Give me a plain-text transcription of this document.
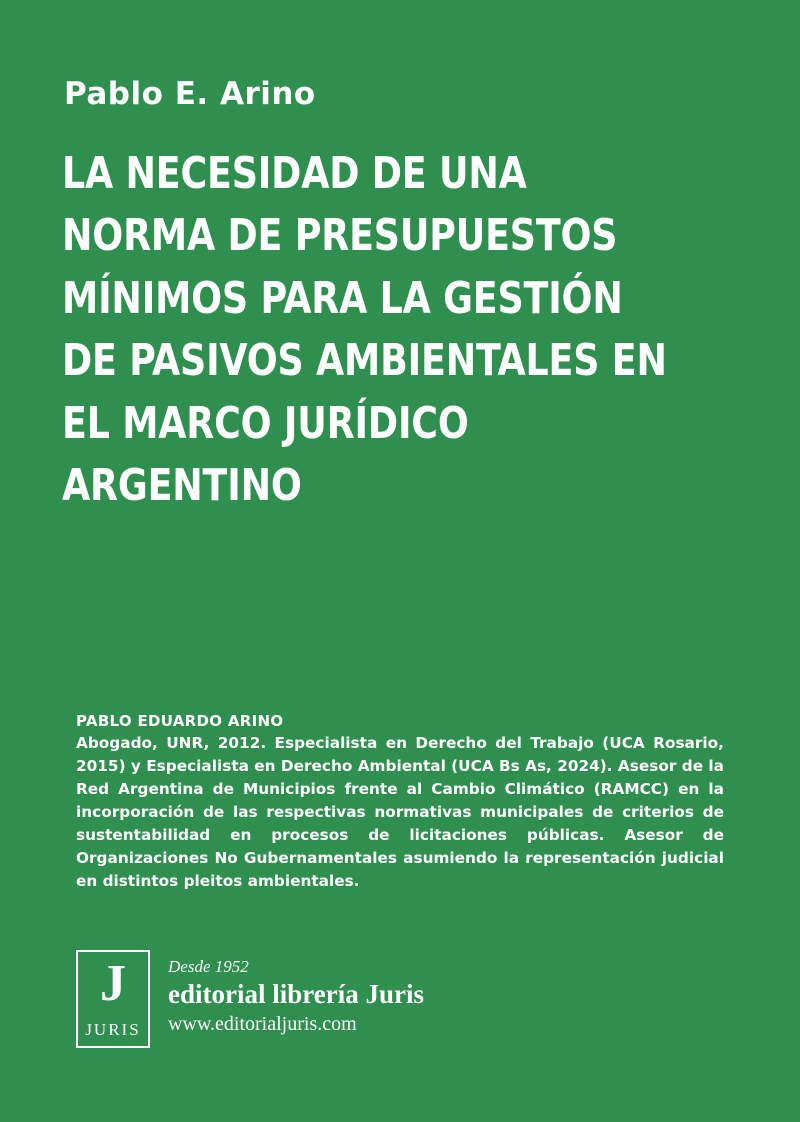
Pablo E. Arino
LA NECESIDAD DE UNA NORMA DE PRESUPUESTOS MÍNIMOS PARA LA GESTIÓN DE PASIVOS AMBIENTALES EN EL MARCO JURÍDICO ARGENTINO
PABLO EDUARDO ARINO
Abogado, UNR, 2012. Especialista en Derecho del Trabajo (UCA Rosario, 2015) y Especialista en Derecho Ambiental (UCA Bs As, 2024). Asesor de la Red Argentina de Municipios frente al Cambio Climático (RAMCC) en la incorporación de las respectivas normativas municipales de criterios de sustentabilidad en procesos de licitaciones públicas. Asesor de Organizaciones No Gubernamentales asumiendo la representación judicial en distintos pleitos ambientales.
J
JURIS
Desde 1952
editorial librería Juris
www.editorialjuris.com
